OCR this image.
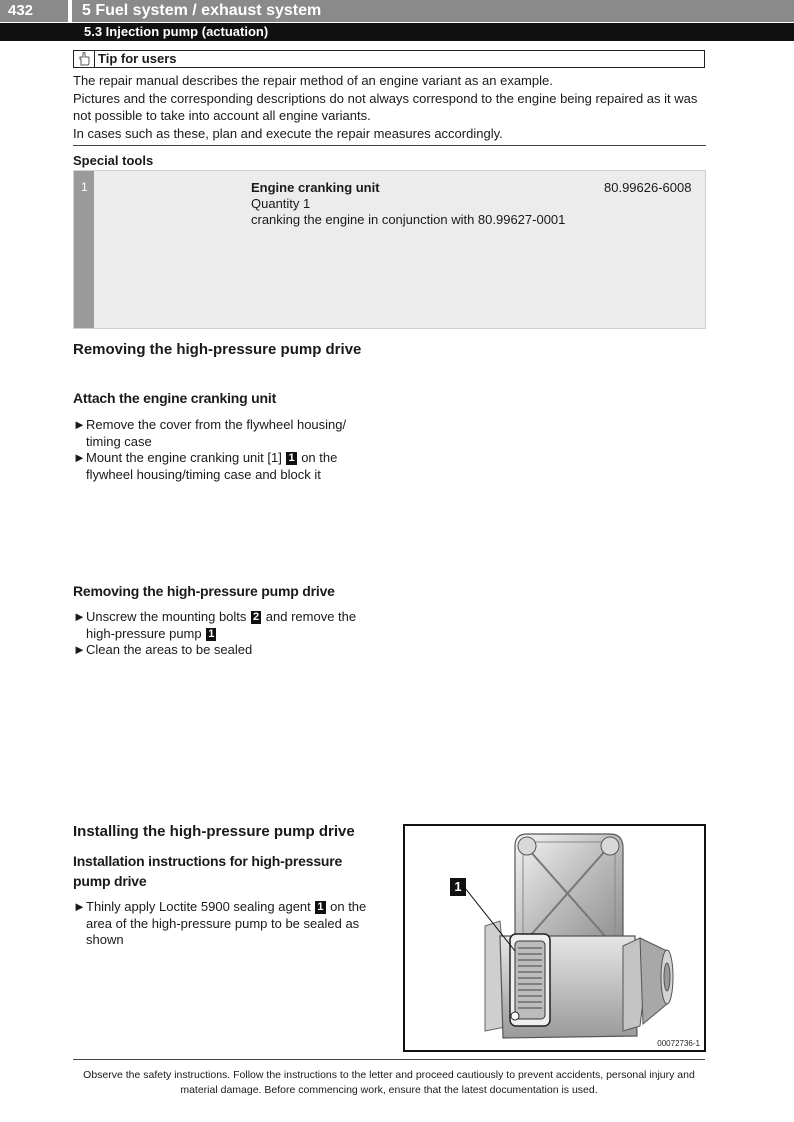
432	5 Fuel system / exhaust system
5.3 Injection pump (actuation)
Tip for users
The repair manual describes the repair method of an engine variant as an example.
Pictures and the corresponding descriptions do not always correspond to the engine being repaired as it was not possible to take into account all engine variants.
In cases such as these, plan and execute the repair measures accordingly.
Special tools
1	Engine cranking unit
Quantity 1
cranking the engine in conjunction with 80.99627-0001
80.99626-6008
Removing the high-pressure pump drive
Attach the engine cranking unit
► Remove the cover from the flywheel housing/ timing case
► Mount the engine cranking unit [1] 1 on the flywheel housing/timing case and block it
Removing the high-pressure pump drive
► Unscrew the mounting bolts 2 and remove the high-pressure pump 1
► Clean the areas to be sealed
Installing the high-pressure pump drive
Installation instructions for high-pressure pump drive
► Thinly apply Loctite 5900 sealing agent 1 on the area of the high-pressure pump to be sealed as shown
1
00072736-1
Observe the safety instructions. Follow the instructions to the letter and proceed cautiously to prevent accidents, personal injury and material damage. Before commencing work, ensure that the latest documentation is used.
